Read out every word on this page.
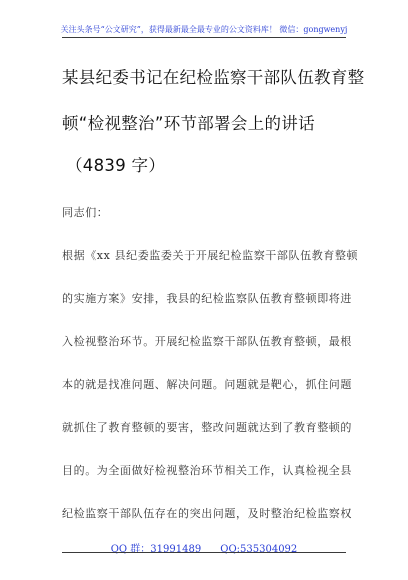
关注头条号“公文研究”，获得最新最全最专业的公文资料库！ 微信：gongwenyj
某县纪委书记在纪检监察干部队伍教育整
顿“检视整治”环节部署会上的讲话
（4839 字）
同志们：
根据《xx 县纪委监委关于开展纪检监察干部队伍教育整顿
的实施方案》安排，我县的纪检监察队伍教育整顿即将进
入检视整治环节。开展纪检监察干部队伍教育整顿，最根
本的就是找准问题、解决问题。问题就是靶心，抓住问题
就抓住了教育整顿的要害，整改问题就达到了教育整顿的
目的。为全面做好检视整治环节相关工作，认真检视全县
纪检监察干部队伍存在的突出问题，及时整治纪检监察权
QQ 群：31991489      QQ:535304092
